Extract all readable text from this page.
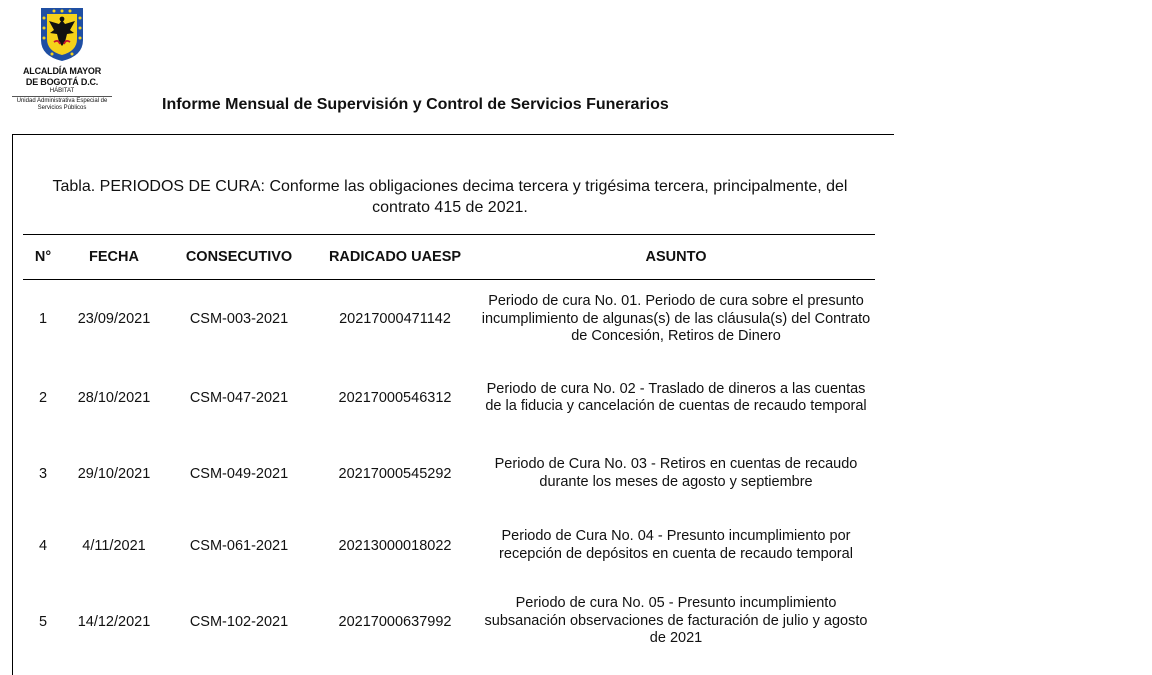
ALCALDÍA MAYOR
DE BOGOTÁ D.C.
HÁBITAT
Unidad Administrativa Especial de
Servicios Públicos	Informe Mensual de Supervisión y Control de Servicios Funerarios
Tabla. PERIODOS DE CURA: Conforme las obligaciones decima tercera y trigésima tercera, principalmente, del contrato 415 de 2021.
N°	FECHA	CONSECUTIVO	RADICADO UAESP	ASUNTO
1	23/09/2021	CSM-003-2021	20217000471142	Periodo de cura No. 01. Periodo de cura sobre el presunto incumplimiento de algunas(s) de las cláusula(s) del Contrato de Concesión, Retiros de Dinero
2	28/10/2021	CSM-047-2021	20217000546312	Periodo de cura No. 02 - Traslado de dineros a las cuentas de la fiducia y cancelación de cuentas de recaudo temporal
3	29/10/2021	CSM-049-2021	20217000545292	Periodo de Cura No. 03 - Retiros en cuentas de recaudo durante los meses de agosto y septiembre
4	4/11/2021	CSM-061-2021	20213000018022	Periodo de Cura No. 04 - Presunto incumplimiento por recepción de depósitos en cuenta de recaudo temporal
5	14/12/2021	CSM-102-2021	20217000637992	Periodo de cura No. 05 - Presunto incumplimiento subsanación observaciones de facturación de julio y agosto de 2021
